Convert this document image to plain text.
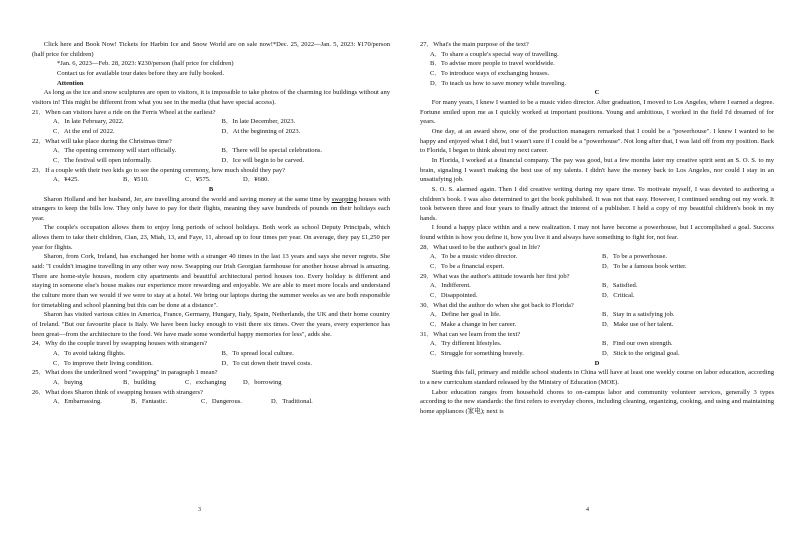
Click here and Book Now! Tickets for Harbin Ice and Snow World are on sale now!*Dec. 25, 2022—Jan. 5, 2023: ¥170/person (half price for children)

*Jan. 6, 2023—Feb. 28, 2023: ¥230/person (half price for children)

Contact us for available tour dates before they are fully booked.

Attention

As long as the ice and snow sculptures are open to visitors, it is impossible to take photos of the charming ice buildings without any visitors in! This might be different from what you see in the media (that have special access).

21．When can visitors have a ride on the Ferris Wheel at the earliest?

A．In late February, 2022.	B．In late December, 2023.
C．At the end of 2022.	D．At the beginning of 2023.

22．What will take place during the Christmas time?

A．The opening ceremony will start officially.	B．There will be special celebrations.
C．The festival will open informally.	D．Ice will begin to be carved.

23．If a couple with their two kids go to see the opening ceremony, how much should they pay?

A．¥425.	B．¥510.	C．¥575.	D．¥680.

B

Sharon Holland and her husband, Jer, are travelling around the world and saving money at the same time by swapping houses with strangers to keep the bills low. They only have to pay for their flights, meaning they save hundreds of pounds on their holidays each year.

The couple's occupation allows them to enjoy long periods of school holidays. Both work as school Deputy Principals, which allows them to take their children, Cian, 23, Miah, 13, and Faye, 11, abroad up to four times per year. On average, they pay £1,250 per year for flights.

Sharon, from Cork, Ireland, has exchanged her home with a stranger 40 times in the last 13 years and says she never regrets. She said: "I couldn't imagine travelling in any other way now. Swapping our Irish Georgian farmhouse for another house abroad is amazing. There are home-style houses, modern city apartments and beautiful architectural period houses too. Every holiday is different and staying in someone else's house makes our experience more rewarding and enjoyable. We are able to meet more locals and understand the culture more than we would if we were to stay at a hotel. We bring our laptops during the summer weeks as we are both responsible for timetabling and school planning but this can be done at a distance".

Sharon has visited various cities in America, France, Germany, Hungary, Italy, Spain, Netherlands, the UK and their home country of Ireland. "But our favourite place is Italy. We have been lucky enough to visit there six times. Over the years, every experience has been great—from the architecture to the food. We have made some wonderful happy memories for less", adds she.

24．Why do the couple travel by swapping houses with strangers?

A．To avoid taking flights.	B．To spread local culture.
C．To improve their living condition.	D．To cut down their travel costs.

25．What does the underlined word "swapping" in paragraph 1 mean?

A．buying	B．building	C．exchanging	D．borrowing

26．What does Sharon think of swapping houses with strangers?

A．Embarrassing.	B．Fantastic.	C．Dangerous.	D．Traditional.
3

27．What's the main purpose of the text?

A．To share a couple's special way of travelling.

B．To advise more people to travel worldwide.

C．To introduce ways of exchanging houses.

D．To teach us how to save money while traveling.

C

For many years, I knew I wanted to be a music video director. After graduation, I moved to Los Angeles, where I earned a degree. Fortune smiled upon me as I quickly worked at important positions. Young and ambitious, I worked in the field I'd dreamed of for years.

One day, at an award show, one of the production managers remarked that I could be a "powerhouse". I knew I wanted to be happy and enjoyed what I did, but I wasn't sure if I could be a "powerhouse". Not long after that, I was laid off from my position. Back to Florida, I began to think about my next career.

In Florida, I worked at a financial company. The pay was good, but a few months later my creative spirit sent an S. O. S. to my brain, signaling I wasn't making the best use of my talents. I didn't have the money back to Los Angeles, nor could I stay in an unsatisfying job.

S. O. S. alarmed again. Then I did creative writing during my spare time. To motivate myself, I was devoted to authoring a children's book. I was also determined to get the book published. It was not that easy. However, I continued sending out my work. It took between three and four years to finally attract the interest of a publisher. I held a copy of my beautiful children's book in my hands.

I found a happy place within and a new realization. I may not have become a powerhouse, but I accomplished a goal. Success found within is how you define it, how you live it and always have something to fight for, not fear.

28．What used to be the author's goal in life?

A．To be a music video director.	B．To be a powerhouse.
C．To be a financial expert.	D．To be a famous book writer.

29．What was the author's attitude towards her first job?

A．Indifferent.	B．Satisfied.
C．Disappointed.	D．Critical.

30．What did the author do when she got back to Florida?

A．Define her goal in life.	B．Stay in a satisfying job.
C．Make a change in her career.	D．Make use of her talent.

31．What can we learn from the text?

A．Try different lifestyles.	B．Find our own strength.
C．Struggle for something bravely.	D．Stick to the original goal.

D

Starting this fall, primary and middle school students in China will have at least one weekly course on labor education, according to a new curriculum standard released by the Ministry of Education (MOE).

Labor education ranges from household chores to on-campus labor and community volunteer services, generally 3 types according to the new standards: the first refers to everyday chores, including cleaning, organizing, cooking, and using and maintaining home appliances (家电); next is

4
